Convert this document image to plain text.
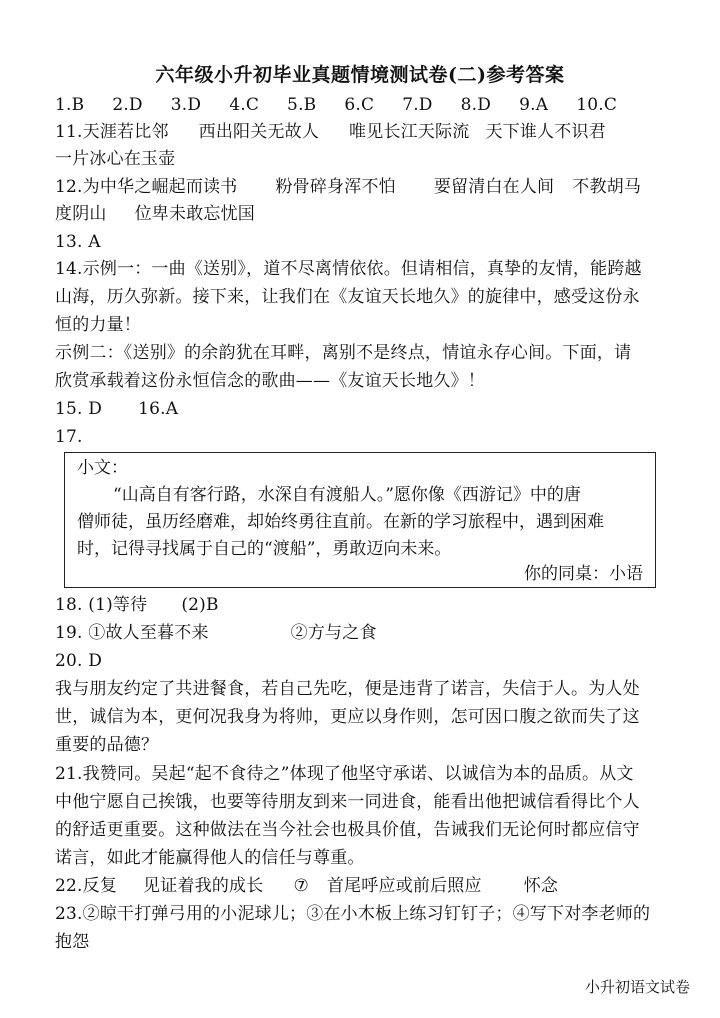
六年级小升初毕业真题情境测试卷(二)参考答案
1.B 2.D 3.D 4.C 5.B 6.C 7.D 8.D 9.A 10.C
11.天涯若比邻 西出阳关无故人 唯见长江天际流 天下谁人不识君
一片冰心在玉壶
12.为中华之崛起而读书 粉骨碎身浑不怕 要留清白在人间 不教胡马
度阴山 位卑未敢忘忧国
13. A
14.示例一：一曲《送别》，道不尽离情依依。但请相信，真挚的友情，能跨越
山海，历久弥新。接下来，让我们在《友谊天长地久》的旋律中，感受这份永
恒的力量！
示例二：《送别》的余韵犹在耳畔，离别不是终点，情谊永存心间。下面，请
欣赏承载着这份永恒信念的歌曲——《友谊天长地久》！
15. D 16.A
17.
小文：
“山高自有客行路，水深自有渡船人。”愿你像《西游记》中的唐
僧师徒，虽历经磨难，却始终勇往直前。在新的学习旅程中，遇到困难
时，记得寻找属于自己的“渡船”，勇敢迈向未来。
你的同桌：小语
18. (1)等待 (2)B
19. ①故人至暮不来	②方与之食
20. D
我与朋友约定了共进餐食，若自己先吃，便是违背了诺言，失信于人。为人处
世，诚信为本，更何况我身为将帅，更应以身作则，怎可因口腹之欲而失了这
重要的品德？
21.我赞同。吴起“起不食待之”体现了他坚守承诺、以诚信为本的品质。从文
中他宁愿自己挨饿，也要等待朋友到来一同进食，能看出他把诚信看得比个人
的舒适更重要。这种做法在当今社会也极具价值，告诫我们无论何时都应信守
诺言，如此才能赢得他人的信任与尊重。
22.反复 见证着我的成长 ⑦ 首尾呼应或前后照应 怀念
23.②晾干打弹弓用的小泥球儿；③在小木板上练习钉钉子；④写下对李老师的
抱怨
小升初语文试卷
